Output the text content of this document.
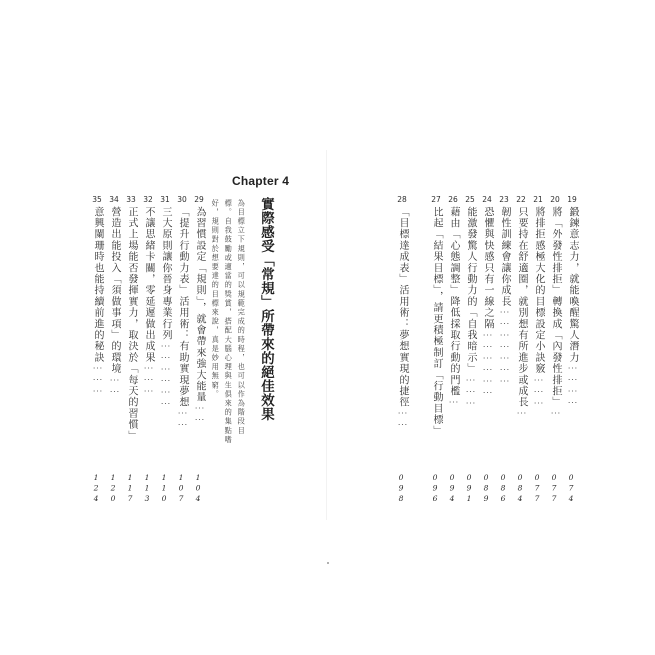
Chapter 4
實際感受「常規」所帶來的絕佳效果
為目標立下規則，可以規範完成的時程，也可以作為階段目
標。自我鼓勵或適當的獎賞，搭配大腦心理與生俱來的集點嗜
好，規則對於想要達的目標來說，真是妙用無窮。	19鍛鍊意志力，就能喚醒驚人潛力⋯⋯⋯⋯
20將「外發性排拒」轉換成「內發性排拒」⋯
21將排拒感極大化的目標設定小訣竅⋯⋯⋯
22只要持在舒適圈，就別想有所進步或成長⋯
23韌性訓練會讓你成長⋯⋯⋯⋯⋯⋯⋯
24恐懼與快感只有一線之隔⋯⋯⋯⋯⋯⋯
25能激發驚人行動力的「自我暗示」⋯⋯⋯
26藉由「心態調整」降低採取行動的門檻⋯
27比起「結果目標」，請更積極制訂「行動目標」
28「目標達成表」活用術：夢想實現的捷徑⋯⋯
29為習慣設定「規則」，就會帶來強大能量⋯⋯
30「提升行動力表」活用術：有助實現夢想⋯⋯
31三大原則讓你晉身專業行列⋯⋯⋯⋯⋯⋯
32不讓思緒卡關，零延遲做出成果⋯⋯⋯
33正式上場能否發揮實力，取決於「每天的習慣」
34營造出能投入「須做事項」的環境⋯⋯
35意興闌珊時也能持續前進的秘訣⋯⋯⋯
074
077
077
084
086
089
091
094
096
098
104
107
110
113
117
120
124
